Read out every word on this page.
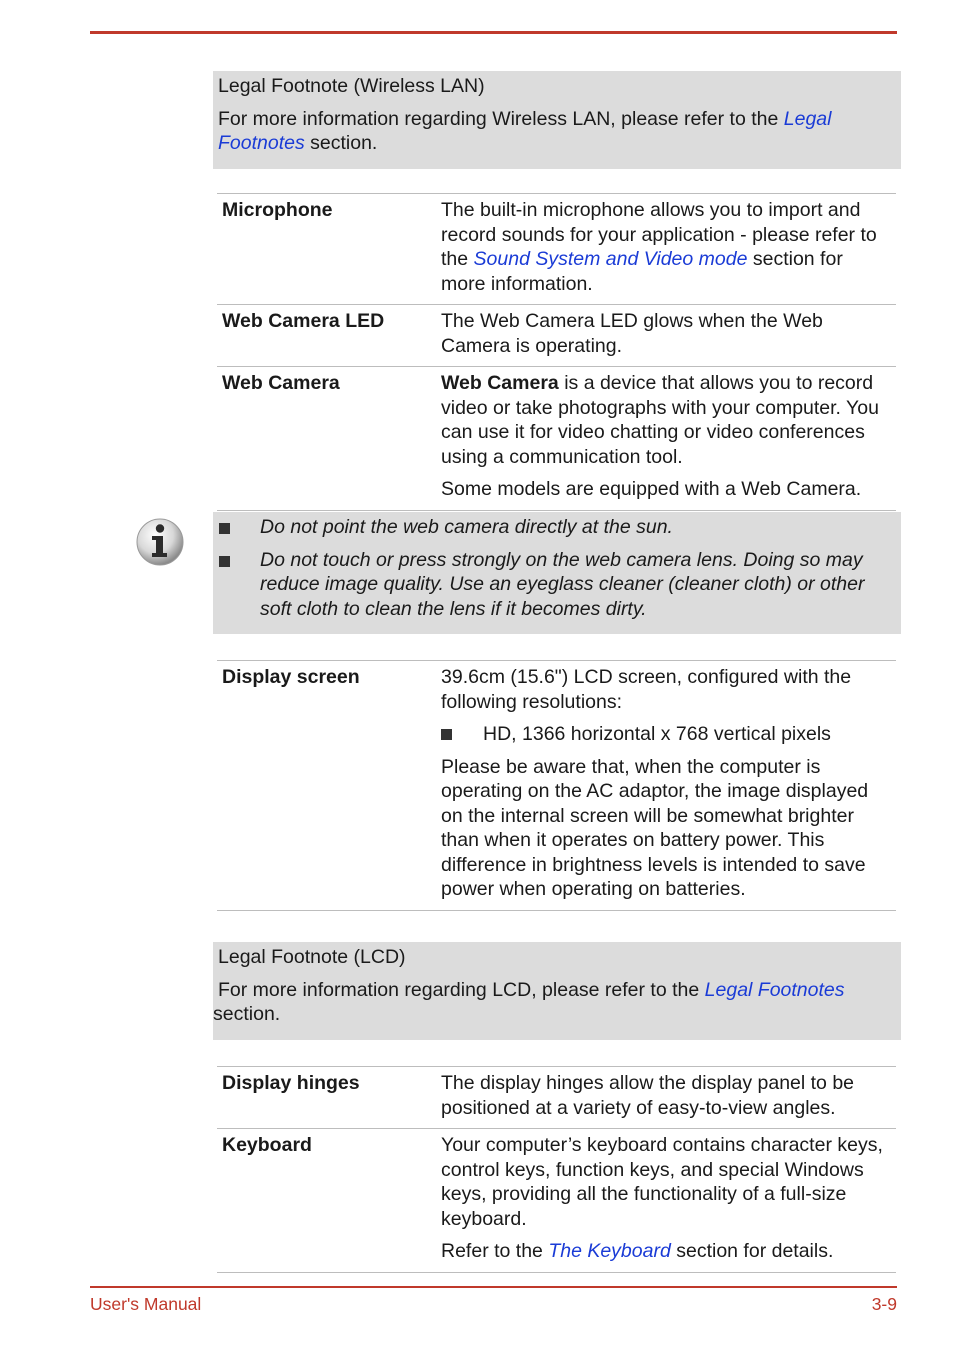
Legal Footnote (Wireless LAN)

For more information regarding Wireless LAN, please refer to the Legal Footnotes section.

Microphone	The built-in microphone allows you to import and record sounds for your application - please refer to the Sound System and Video mode section for more information.

Web Camera LED	The Web Camera LED glows when the Web Camera is operating.

Web Camera	Web Camera is a device that allows you to record video or take photographs with your computer. You can use it for video chatting or video conferences using a communication tool.

Some models are equipped with a Web Camera.

Do not point the web camera directly at the sun.
Do not touch or press strongly on the web camera lens. Doing so may reduce image quality. Use an eyeglass cleaner (cleaner cloth) or other soft cloth to clean the lens if it becomes dirty.
Display screen	39.6cm (15.6") LCD screen, configured with the following resolutions:

HD, 1366 horizontal x 768 vertical pixels

Please be aware that, when the computer is operating on the AC adaptor, the image displayed on the internal screen will be somewhat brighter than when it operates on battery power. This difference in brightness levels is intended to save power when operating on batteries.

Legal Footnote (LCD)

For more information regarding LCD, please refer to the Legal Footnotes
section.

Display hinges	The display hinges allow the display panel to be positioned at a variety of easy-to-view angles.

Keyboard	Your computer’s keyboard contains character keys, control keys, function keys, and special Windows keys, providing all the functionality of a full-size keyboard.

Refer to the The Keyboard section for details.

User's Manual	3-9
